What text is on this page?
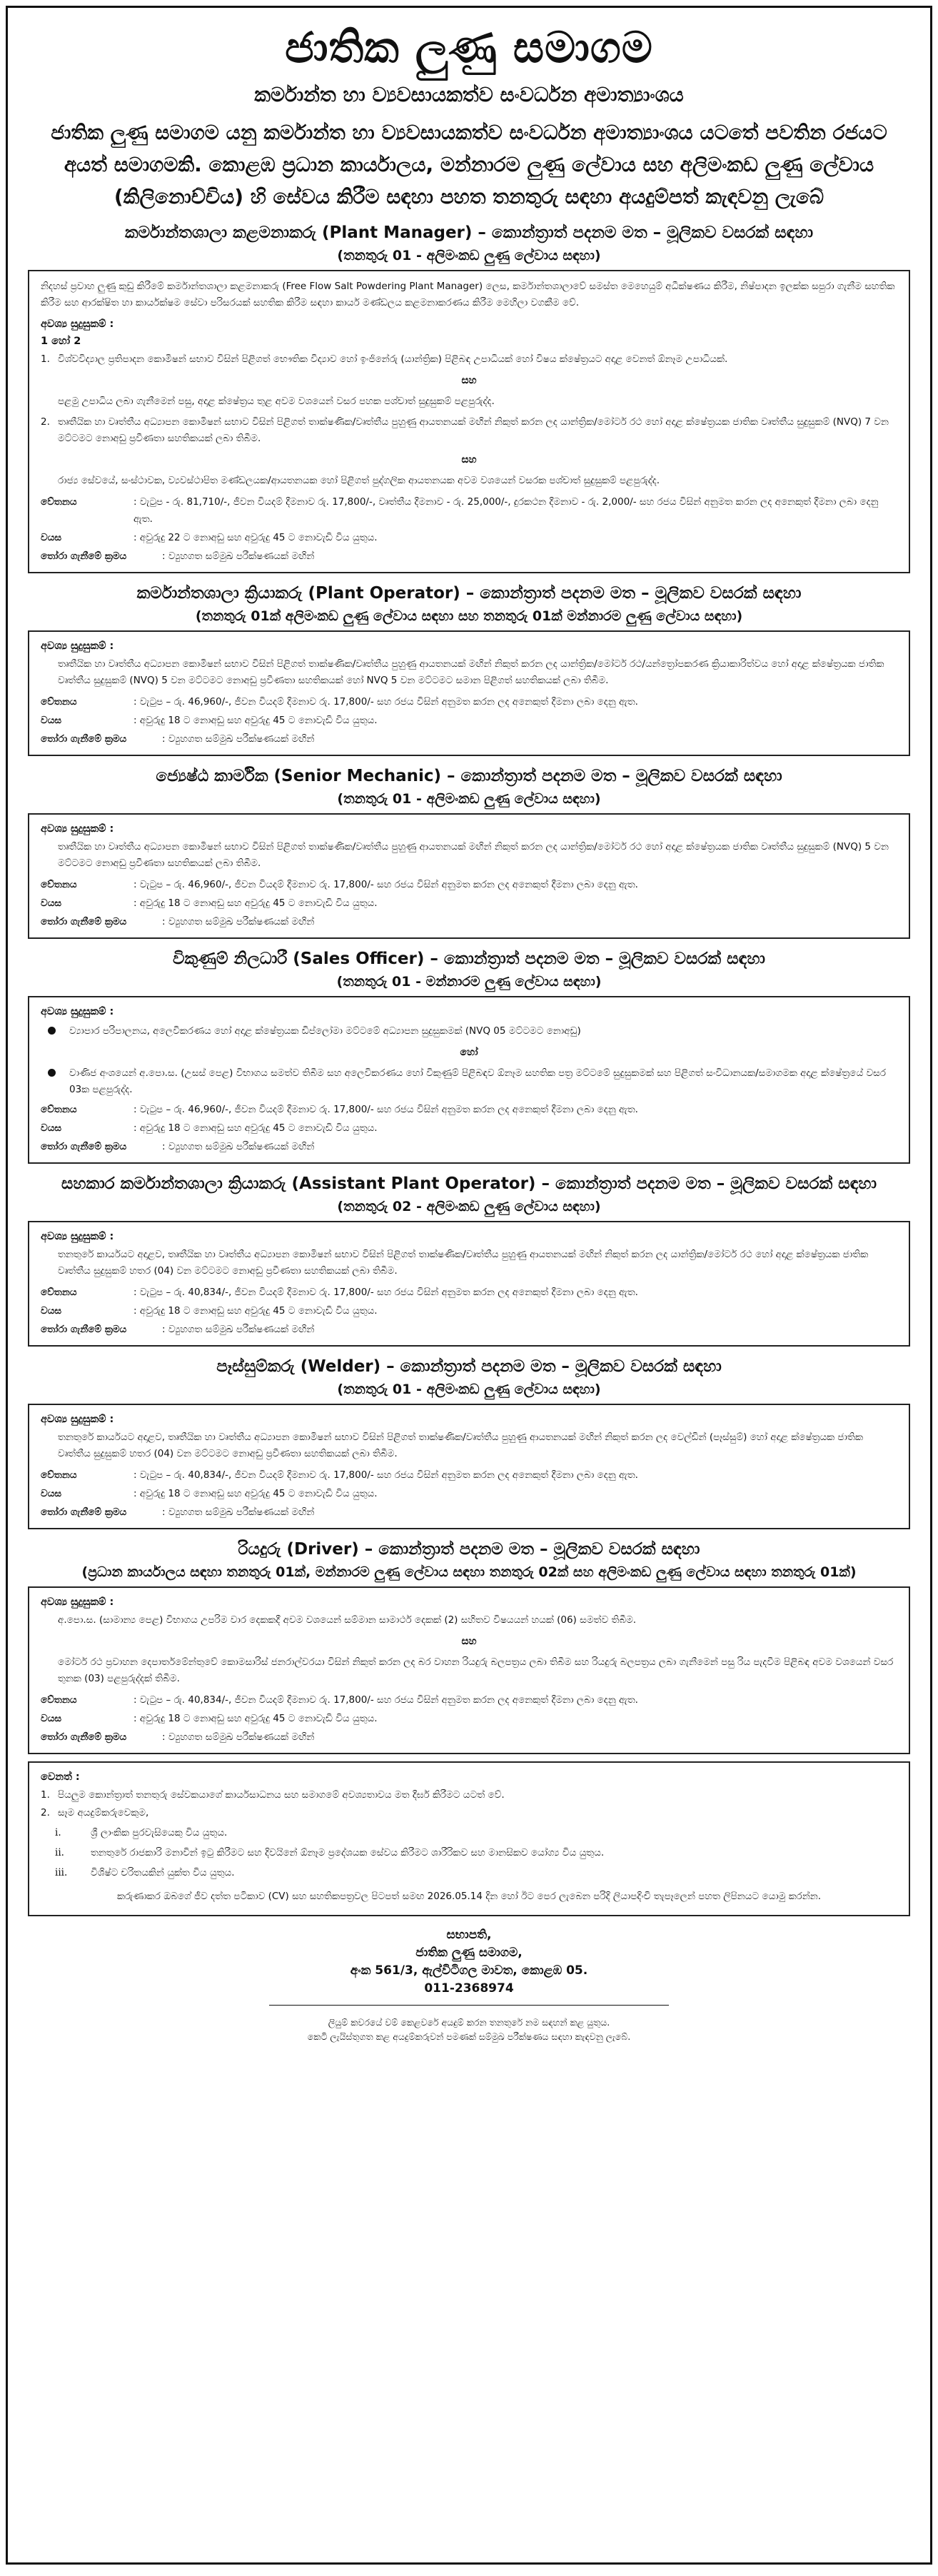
ජාතික ලුණු සමාගම
කර්මාන්ත හා ව්‍යවසායකත්ව සංවර්ධන අමාත්‍යාංශය
ජාතික ලුණු සමාගම යනු කර්මාන්ත හා ව්‍යවසායකත්ව සංවර්ධන අමාත්‍යාංශය යටතේ පවතින රජයට අයත් සමාගමකි. කොළඹ ප්‍රධාන කාර්යාලය, මන්නාරම ලුණු ලේවාය සහ අලිමංකඩ ලුණු ලේවාය (කිලිනොච්චිය) හි සේවය කිරීම සඳහා පහත තනතුරු සඳහා අයදුම්පත් කැඳවනු ලැබේ
කර්මාන්තශාලා කළමනාකරු (Plant Manager) – කොන්ත්‍රාත් පදනම මත – මූලිකව වසරක් සඳහා
(තනතුරු 01 - අලිමංකඩ ලුණු ලේවාය සඳහා)
නිදහස් ප්‍රවාහ ලුණු කුඩු කිරීමේ කර්මාන්තශාලා කළමනාකරු (Free Flow Salt Powdering Plant Manager) ලෙස, කර්මාන්තශාලාවේ සමස්ත මෙහෙයුම් අධීක්ෂණය කිරීම, නිෂ්පාදන ඉලක්ක සපුරා ගැනීම සහතික කිරීම සහ ආරක්ෂිත හා කාර්යක්ෂම සේවා පරිසරයක් සහතික කිරීම සඳහා කාර්ය මණ්ඩලය කළමනාකරණය කිරීම මෙහිලා වගකීම වේ.
අවශ්‍ය සුදුසුකම් :
1 හෝ 2
1. විශ්වවිද්‍යාල ප්‍රතිපාදන කොමිෂන් සභාව විසින් පිළිගත් භෞතික විද්‍යාව හෝ ඉංජිනේරු (යාන්ත්‍රික) පිළිබඳ උපාධියක් හෝ විෂය ක්ෂේත්‍රයට අදාළ වෙනත් ඕනෑම උපාධියක්.
සහ
පළමු උපාධිය ලබා ගැනීමෙන් පසු, අදාළ ක්ෂේත්‍රය තුළ අවම වශයෙන් වසර පහක පශ්චාත් සුදුසුකම් පළපුරුද්ද.
2. තෘතීයික හා වෘත්තීය අධ්‍යාපන කොමිෂන් සභාව විසින් පිළිගත් තාක්ෂණික/වෘත්තීය පුහුණු ආයතනයක් මඟින් නිකුත් කරන ලද යාන්ත්‍රික/මෝටර් රථ හෝ අදාළ ක්ෂේත්‍රයක ජාතික වෘත්තීය සුදුසුකම් (NVQ) 7 වන මට්ටමට නොඅඩු ප්‍රවීණතා සහතිකයක් ලබා තිබීම.
සහ
රාජ්‍ය සේවයේ, සංස්ථාවක, ව්‍යවස්ථාපිත මණ්ඩලයක/ආයතනයක හෝ පිළිගත් පුද්ගලික ආයතනයක අවම වශයෙන් වසරක පශ්චාත් සුදුසුකම් පළපුරුද්ද.
වේතනය	: වැටුප - රු. 81,710/-, ජීවන වියදම් දීමනාව රු. 17,800/-, වෘත්තීය දීමනාව - රු. 25,000/-, දුරකථන දීමනාව - රු. 2,000/- සහ රජය විසින් අනුමත කරන ලද අනෙකුත් දීමනා ලබා දෙනු ඇත.
වයස	: අවුරුදු 22 ට නොඅඩු සහ අවුරුදු 45 ට නොවැඩි විය යුතුය.
තෝරා ගැනීමේ ක්‍රමය	: ව්‍යුහගත සම්මුඛ පරීක්ෂණයක් මඟින්
කර්මාන්තශාලා ක්‍රියාකරු (Plant Operator) – කොන්ත්‍රාත් පදනම මත – මූලිකව වසරක් සඳහා
(තනතුරු 01ක් අලිමංකඩ ලුණු ලේවාය සඳහා සහ තනතුරු 01ක් මන්නාරම ලුණු ලේවාය සඳහා)
අවශ්‍ය සුදුසුකම් :
තෘතීයික හා වෘත්තීය අධ්‍යාපන කොමිෂන් සභාව විසින් පිළිගත් තාක්ෂණික/වෘත්තීය පුහුණු ආයතනයක් මඟින් නිකුත් කරන ලද යාන්ත්‍රික/මෝටර් රථ/යන්ත්‍රෝපකරණ ක්‍රියාකාරිත්වය හෝ අදාළ ක්ෂේත්‍රයක ජාතික වෘත්තීය සුදුසුකම් (NVQ) 5 වන මට්ටමට නොඅඩු ප්‍රවීණතා සහතිකයක් හෝ NVQ 5 වන මට්ටමට සමාන පිළිගත් සහතිකයක් ලබා තිබීම.
වේතනය	: වැටුප – රු. 46,960/-, ජීවන වියදම් දීමනාව රු. 17,800/- සහ රජය විසින් අනුමත කරන ලද අනෙකුත් දීමනා ලබා දෙනු ඇත.
වයස	: අවුරුදු 18 ට නොඅඩු සහ අවුරුදු 45 ට නොවැඩි විය යුතුය.
තෝරා ගැනීමේ ක්‍රමය	: ව්‍යුහගත සම්මුඛ පරීක්ෂණයක් මඟින්
ජ්‍යෙෂ්ඨ කාර්මික (Senior Mechanic) – කොන්ත්‍රාත් පදනම මත – මූලිකව වසරක් සඳහා
(තනතුරු 01 - අලිමංකඩ ලුණු ලේවාය සඳහා)
අවශ්‍ය සුදුසුකම් :
තෘතීයික හා වෘත්තීය අධ්‍යාපන කොමිෂන් සභාව විසින් පිළිගත් තාක්ෂණික/වෘත්තීය පුහුණු ආයතනයක් මඟින් නිකුත් කරන ලද යාන්ත්‍රික/මෝටර් රථ හෝ අදාළ ක්ෂේත්‍රයක ජාතික වෘත්තීය සුදුසුකම් (NVQ) 5 වන මට්ටමට නොඅඩු ප්‍රවීණතා සහතිකයක් ලබා තිබීම.
වේතනය	: වැටුප – රු. 46,960/-, ජීවන වියදම් දීමනාව රු. 17,800/- සහ රජය විසින් අනුමත කරන ලද අනෙකුත් දීමනා ලබා දෙනු ඇත.
වයස	: අවුරුදු 18 ට නොඅඩු සහ අවුරුදු 45 ට නොවැඩි විය යුතුය.
තෝරා ගැනීමේ ක්‍රමය	: ව්‍යුහගත සම්මුඛ පරීක්ෂණයක් මඟින්
විකුණුම් නිලධාරී (Sales Officer) – කොන්ත්‍රාත් පදනම මත – මූලිකව වසරක් සඳහා
(තනතුරු 01 - මන්නාරම ලුණු ලේවාය සඳහා)
අවශ්‍ය සුදුසුකම් :
ව්‍යාපාර පරිපාලනය, අලෙවිකරණය හෝ අදාළ ක්ෂේත්‍රයක ඩිප්ලෝමා මට්ටමේ අධ්‍යාපන සුදුසුකමක් (NVQ 05 මට්ටමට නොඅඩු)
හෝ
වාණිජ අංශයෙන් අ.පො.ස. (උසස් පෙළ) විභාගය සමත්ව තිබීම සහ අලෙවිකරණය හෝ විකුණුම් පිළිබඳව ඕනෑම සහතික පත්‍ර මට්ටමේ සුදුසුකමක් සහ පිළිගත් සංවිධානයක/සමාගමක අදාළ ක්ෂේත්‍රයේ වසර 03ක පළපුරුද්ද.
වේතනය	: වැටුප – රු. 46,960/-, ජීවන වියදම් දීමනාව රු. 17,800/- සහ රජය විසින් අනුමත කරන ලද අනෙකුත් දීමනා ලබා දෙනු ඇත.
වයස	: අවුරුදු 18 ට නොඅඩු සහ අවුරුදු 45 ට නොවැඩි විය යුතුය.
තෝරා ගැනීමේ ක්‍රමය	: ව්‍යුහගත සම්මුඛ පරීක්ෂණයක් මඟින්
සහකාර කර්මාන්තශාලා ක්‍රියාකරු (Assistant Plant Operator) – කොන්ත්‍රාත් පදනම මත – මූලිකව වසරක් සඳහා
(තනතුරු 02 - අලිමංකඩ ලුණු ලේවාය සඳහා)
අවශ්‍ය සුදුසුකම් :
තනතුරේ කාර්යයට අදාළව, තෘතීයික හා වෘත්තීය අධ්‍යාපන කොමිෂන් සභාව විසින් පිළිගත් තාක්ෂණික/වෘත්තීය පුහුණු ආයතනයක් මඟින් නිකුත් කරන ලද යාන්ත්‍රික/මෝටර් රථ හෝ අදාළ ක්ෂේත්‍රයක ජාතික වෘත්තීය සුදුසුකම් හතර (04) වන මට්ටමට නොඅඩු ප්‍රවීණතා සහතිකයක් ලබා තිබීම.
වේතනය	: වැටුප – රු. 40,834/-, ජීවන වියදම් දීමනාව රු. 17,800/- සහ රජය විසින් අනුමත කරන ලද අනෙකුත් දීමනා ලබා දෙනු ඇත.
වයස	: අවුරුදු 18 ට නොඅඩු සහ අවුරුදු 45 ට නොවැඩි විය යුතුය.
තෝරා ගැනීමේ ක්‍රමය	: ව්‍යුහගත සම්මුඛ පරීක්ෂණයක් මඟින්
පෑස්සුම්කරු (Welder) – කොන්ත්‍රාත් පදනම මත – මූලිකව වසරක් සඳහා
(තනතුරු 01 - අලිමංකඩ ලුණු ලේවාය සඳහා)
අවශ්‍ය සුදුසුකම් :
තනතුරේ කාර්යයට අදාළව, තෘතීයික හා වෘත්තීය අධ්‍යාපන කොමිෂන් සභාව විසින් පිළිගත් තාක්ෂණික/වෘත්තීය පුහුණු ආයතනයක් මඟින් නිකුත් කරන ලද වෙල්ඩින් (පෑස්සුම්) හෝ අදාළ ක්ෂේත්‍රයක ජාතික වෘත්තීය සුදුසුකම් හතර (04) වන මට්ටමට නොඅඩු ප්‍රවීණතා සහතිකයක් ලබා තිබීම.
වේතනය	: වැටුප – රු. 40,834/-, ජීවන වියදම් දීමනාව රු. 17,800/- සහ රජය විසින් අනුමත කරන ලද අනෙකුත් දීමනා ලබා දෙනු ඇත.
වයස	: අවුරුදු 18 ට නොඅඩු සහ අවුරුදු 45 ට නොවැඩි විය යුතුය.
තෝරා ගැනීමේ ක්‍රමය	: ව්‍යුහගත සම්මුඛ පරීක්ෂණයක් මඟින්
රියදුරු (Driver) – කොන්ත්‍රාත් පදනම මත – මූලිකව වසරක් සඳහා
(ප්‍රධාන කාර්යාලය සඳහා තනතුරු 01ක්, මන්නාරම ලුණු ලේවාය සඳහා තනතුරු 02ක් සහ අලිමංකඩ ලුණු ලේවාය සඳහා තනතුරු 01ක්)
අවශ්‍ය සුදුසුකම් :
අ.පො.ස. (සාමාන්‍ය පෙළ) විභාගය උපරිම වාර දෙකකදී අවම වශයෙන් සම්මාන සාමාර්ථ දෙකක් (2) සහිතව විෂයයන් හයක් (06) සමත්ව තිබීම.
සහ
මෝටර් රථ ප්‍රවාහන දෙපාර්තමේන්තුවේ කොමසාරිස් ජනරාල්වරයා විසින් නිකුත් කරන ලද බර වාහන රියදුරු බලපත්‍රය ලබා තිබීම සහ රියදුරු බලපත්‍රය ලබා ගැනීමෙන් පසු රිය පැදවීම පිළිබඳ අවම වශයෙන් වසර තුනක (03) පළපුරුද්දක් තිබීම.
වේතනය	: වැටුප – රු. 40,834/-, ජීවන වියදම් දීමනාව රු. 17,800/- සහ රජය විසින් අනුමත කරන ලද අනෙකුත් දීමනා ලබා දෙනු ඇත.
වයස	: අවුරුදු 18 ට නොඅඩු සහ අවුරුදු 45 ට නොවැඩි විය යුතුය.
තෝරා ගැනීමේ ක්‍රමය	: ව්‍යුහගත සම්මුඛ පරීක්ෂණයක් මඟින්
වෙනත් :
1. පියලුම කොන්ත්‍රාත් තනතුරු සේවකයාගේ කාර්යසාධනය සහ සමාගමේ අවශ්‍යතාවය මත දීර්ඝ කිරීමට යටත් වේ.
2. සෑම අයදුම්කරුවෙකුම,
i.	ශ්‍රී ලාංකික පුරවැසියෙකු විය යුතුය.
ii.	තනතුරේ රාජකාරි මනාවින් ඉටු කිරීමට සහ දිවයිනේ ඕනෑම ප්‍රදේශයක සේවය කිරීමට ශාරීරිකව සහ මානසිකව යෝග්‍ය විය යුතුය.
iii.	විශිෂ්ට චරිතයකින් යුක්ත විය යුතුය.
කරුණාකර ඔබගේ ජීව දත්ත පටිකාව (CV) සහ සහතිකපත්‍රවල පිටපත් සමඟ 2026.05.14 දින හෝ ඊට පෙර ලැබෙන පරිදි ලියාපදිංචි තැපෑලෙන් පහත ලිපිනයට යොමු කරන්න.
සභාපති,
ජාතික ලුණු සමාගම,
අංක 561/3, ඇල්විටිගල මාවත, කොළඹ 05.
011-2368974
ලියුම් කවරයේ වම් කෙළවරේ අයදුම් කරන තනතුරේ නම සඳහන් කළ යුතුය.
කෙටි ලැයිස්තුගත කළ අයදුම්කරුවන් පමණක් සම්මුඛ පරීක්ෂණය සඳහා කැඳවනු ලැබේ.
